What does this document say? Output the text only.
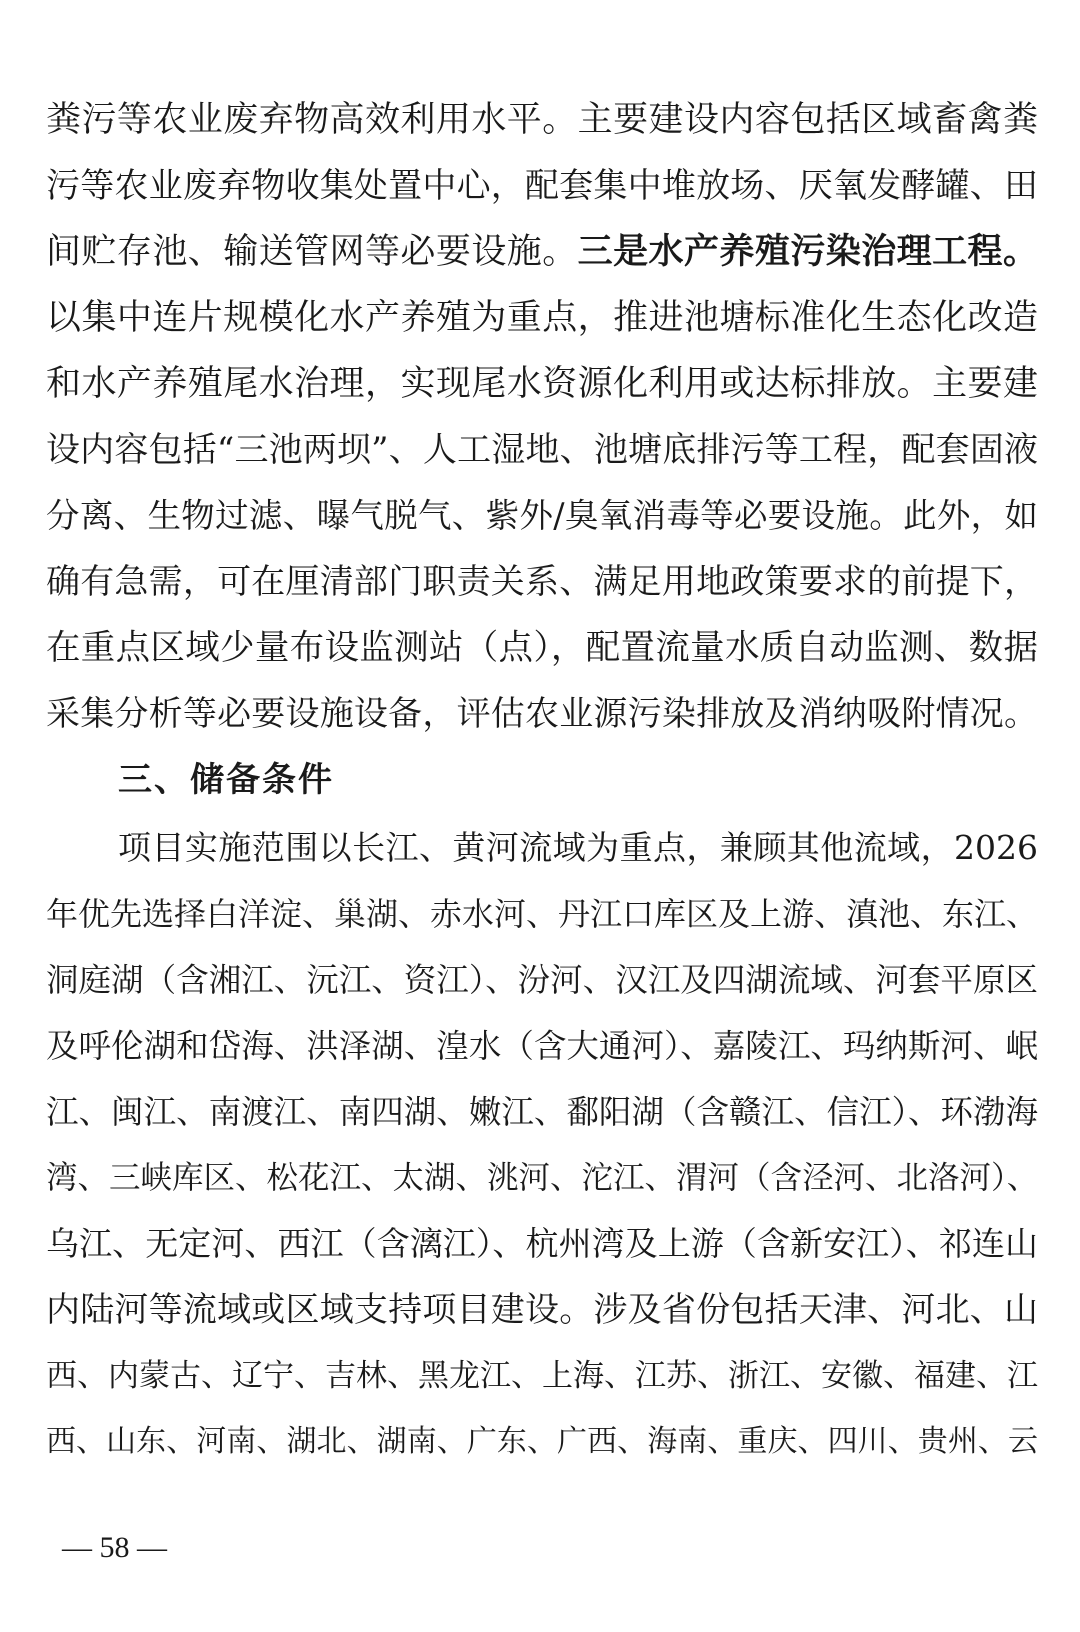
粪污等农业废弃物高效利用水平。主要建设内容包括区域畜禽粪
污等农业废弃物收集处置中心，配套集中堆放场、厌氧发酵罐、田
间贮存池、输送管网等必要设施。三是水产养殖污染治理工程。
以集中连片规模化水产养殖为重点，推进池塘标准化生态化改造
和水产养殖尾水治理，实现尾水资源化利用或达标排放。主要建
设内容包括“三池两坝”、人工湿地、池塘底排污等工程，配套固液
分离、生物过滤、曝气脱气、紫外/臭氧消毒等必要设施。此外，如
确有急需，可在厘清部门职责关系、满足用地政策要求的前提下，
在重点区域少量布设监测站（点），配置流量水质自动监测、数据
采集分析等必要设施设备，评估农业源污染排放及消纳吸附情况。
三、储备条件
项目实施范围以长江、黄河流域为重点，兼顾其他流域，2026
年优先选择白洋淀、巢湖、赤水河、丹江口库区及上游、滇池、东江、
洞庭湖（含湘江、沅江、资江）、汾河、汉江及四湖流域、河套平原区
及呼伦湖和岱海、洪泽湖、湟水（含大通河）、嘉陵江、玛纳斯河、岷
江、闽江、南渡江、南四湖、嫩江、鄱阳湖（含赣江、信江）、环渤海
湾、三峡库区、松花江、太湖、洮河、沱江、渭河（含泾河、北洛河）、
乌江、无定河、西江（含漓江）、杭州湾及上游（含新安江）、祁连山
内陆河等流域或区域支持项目建设。涉及省份包括天津、河北、山
西、内蒙古、辽宁、吉林、黑龙江、上海、江苏、浙江、安徽、福建、江
西、山东、河南、湖北、湖南、广东、广西、海南、重庆、四川、贵州、云
— 58 —
